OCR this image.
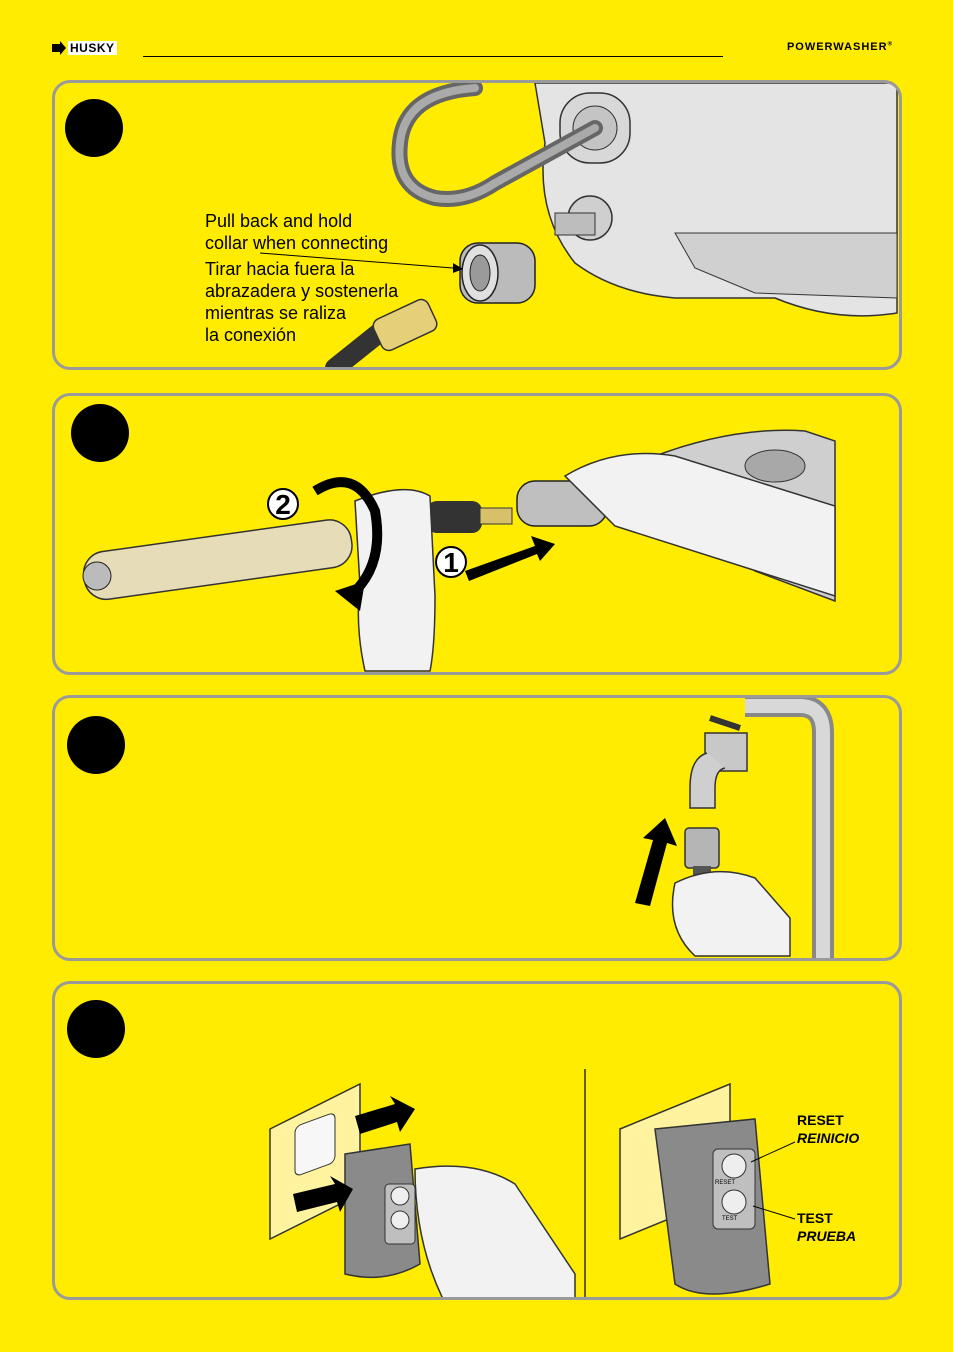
HUSKY	POWERWASHER®
Pull back and hold
collar when connecting
Tirar hacia fuera la
abrazadera y sostenerla
mientras se raliza
la conexión
2
1
RESET
REINICIO
TEST
PRUEBA
RESET
TEST
